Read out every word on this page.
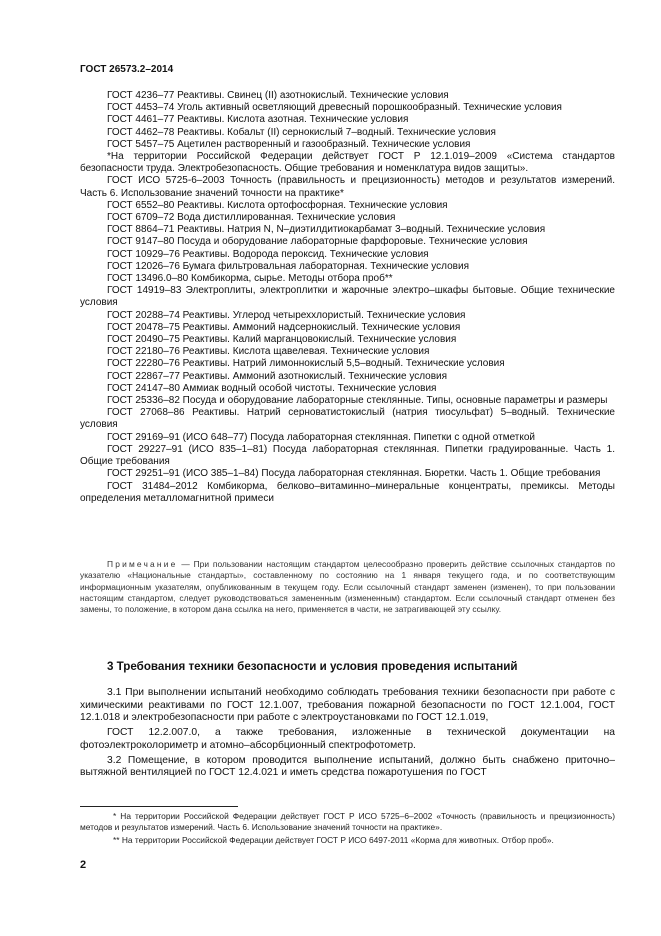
ГОСТ 26573.2–2014

ГОСТ 4236–77 Реактивы. Свинец (II) азотнокислый. Технические условия

ГОСТ 4453–74 Уголь активный осветляющий древесный порошкообразный. Технические условия

ГОСТ 4461–77 Реактивы. Кислота азотная. Технические условия

ГОСТ 4462–78 Реактивы. Кобальт (II) сернокислый 7–водный. Технические условия

ГОСТ 5457–75 Ацетилен растворенный и газообразный. Технические условия

*На территории Российской Федерации действует ГОСТ Р 12.1.019–2009 «Система стандартов безопасности труда. Электробезопасность. Общие требования и номенклатура видов защиты».

ГОСТ ИСО 5725-6–2003 Точность (правильность и прецизионность) методов и результатов измерений. Часть 6. Использование значений точности на практике*

ГОСТ 6552–80 Реактивы. Кислота ортофосфорная. Технические условия

ГОСТ 6709–72 Вода дистиллированная. Технические условия

ГОСТ 8864–71 Реактивы. Натрия N, N–диэтилдитиокарбамат 3–водный. Технические условия

ГОСТ 9147–80 Посуда и оборудование лабораторные фарфоровые. Технические условия

ГОСТ 10929–76 Реактивы. Водорода пероксид. Технические условия

ГОСТ 12026–76 Бумага фильтровальная лабораторная. Технические условия

ГОСТ 13496.0–80 Комбикорма, сырье. Методы отбора проб**

ГОСТ 14919–83 Электроплиты, электроплитки и жарочные электро–шкафы бытовые. Общие технические условия

ГОСТ 20288–74 Реактивы. Углерод четыреххлористый. Технические условия

ГОСТ 20478–75 Реактивы. Аммоний надсернокислый. Технические условия

ГОСТ 20490–75 Реактивы. Калий марганцовокислый. Технические условия

ГОСТ 22180–76 Реактивы. Кислота щавелевая. Технические условия

ГОСТ 22280–76 Реактивы. Натрий лимоннокислый 5,5–водный. Технические условия

ГОСТ 22867–77 Реактивы. Аммоний азотнокислый. Технические условия

ГОСТ 24147–80 Аммиак водный особой чистоты. Технические условия

ГОСТ 25336–82 Посуда и оборудование лабораторные стеклянные. Типы, основные параметры и размеры

ГОСТ 27068–86 Реактивы. Натрий серноватистокислый (натрия тиосульфат) 5–водный. Технические условия

ГОСТ 29169–91 (ИСО 648–77) Посуда лабораторная стеклянная. Пипетки с одной отметкой

ГОСТ 29227–91 (ИСО 835–1–81) Посуда лабораторная стеклянная. Пипетки градуированные. Часть 1. Общие требования

ГОСТ 29251–91 (ИСО 385–1–84) Посуда лабораторная стеклянная. Бюретки. Часть 1. Общие требования

ГОСТ 31484–2012 Комбикорма, белково–витаминно–минеральные концентраты, премиксы. Методы определения металломагнитной примеси

Примечание — При пользовании настоящим стандартом целесообразно проверить действие ссылочных стандартов по указателю «Национальные стандарты», составленному по состоянию на 1 января текущего года, и по соответствующим информационным указателям, опубликованным в текущем году. Если ссылочный стандарт заменен (изменен), то при пользовании настоящим стандартом, следует руководствоваться замененным (измененным) стандартом. Если ссылочный стандарт отменен без замены, то положение, в котором дана ссылка на него, применяется в части, не затрагивающей эту ссылку.
3 Требования техники безопасности и условия проведения испытаний

3.1 При выполнении испытаний необходимо соблюдать требования техники безопасности при работе с химическими реактивами по ГОСТ 12.1.007, требования пожарной безопасности по ГОСТ 12.1.004, ГОСТ 12.1.018 и электробезопасности при работе с электроустановками по ГОСТ 12.1.019,

ГОСТ 12.2.007.0, а также требования, изложенные в технической документации на фотоэлектроколориметр и атомно–абсорбционный спектрофотометр.

3.2 Помещение, в котором проводится выполнение испытаний, должно быть снабжено приточно–вытяжной вентиляцией по ГОСТ 12.4.021 и иметь средства пожаротушения по ГОСТ

* На территории Российской Федерации действует ГОСТ Р ИСО 5725–6–2002 «Точность (правильность и прецизионность) методов и результатов измерений. Часть 6. Использование значений точности на практике».

** На территории Российской Федерации действует ГОСТ Р ИСО 6497-2011 «Корма для животных. Отбор проб».

2
